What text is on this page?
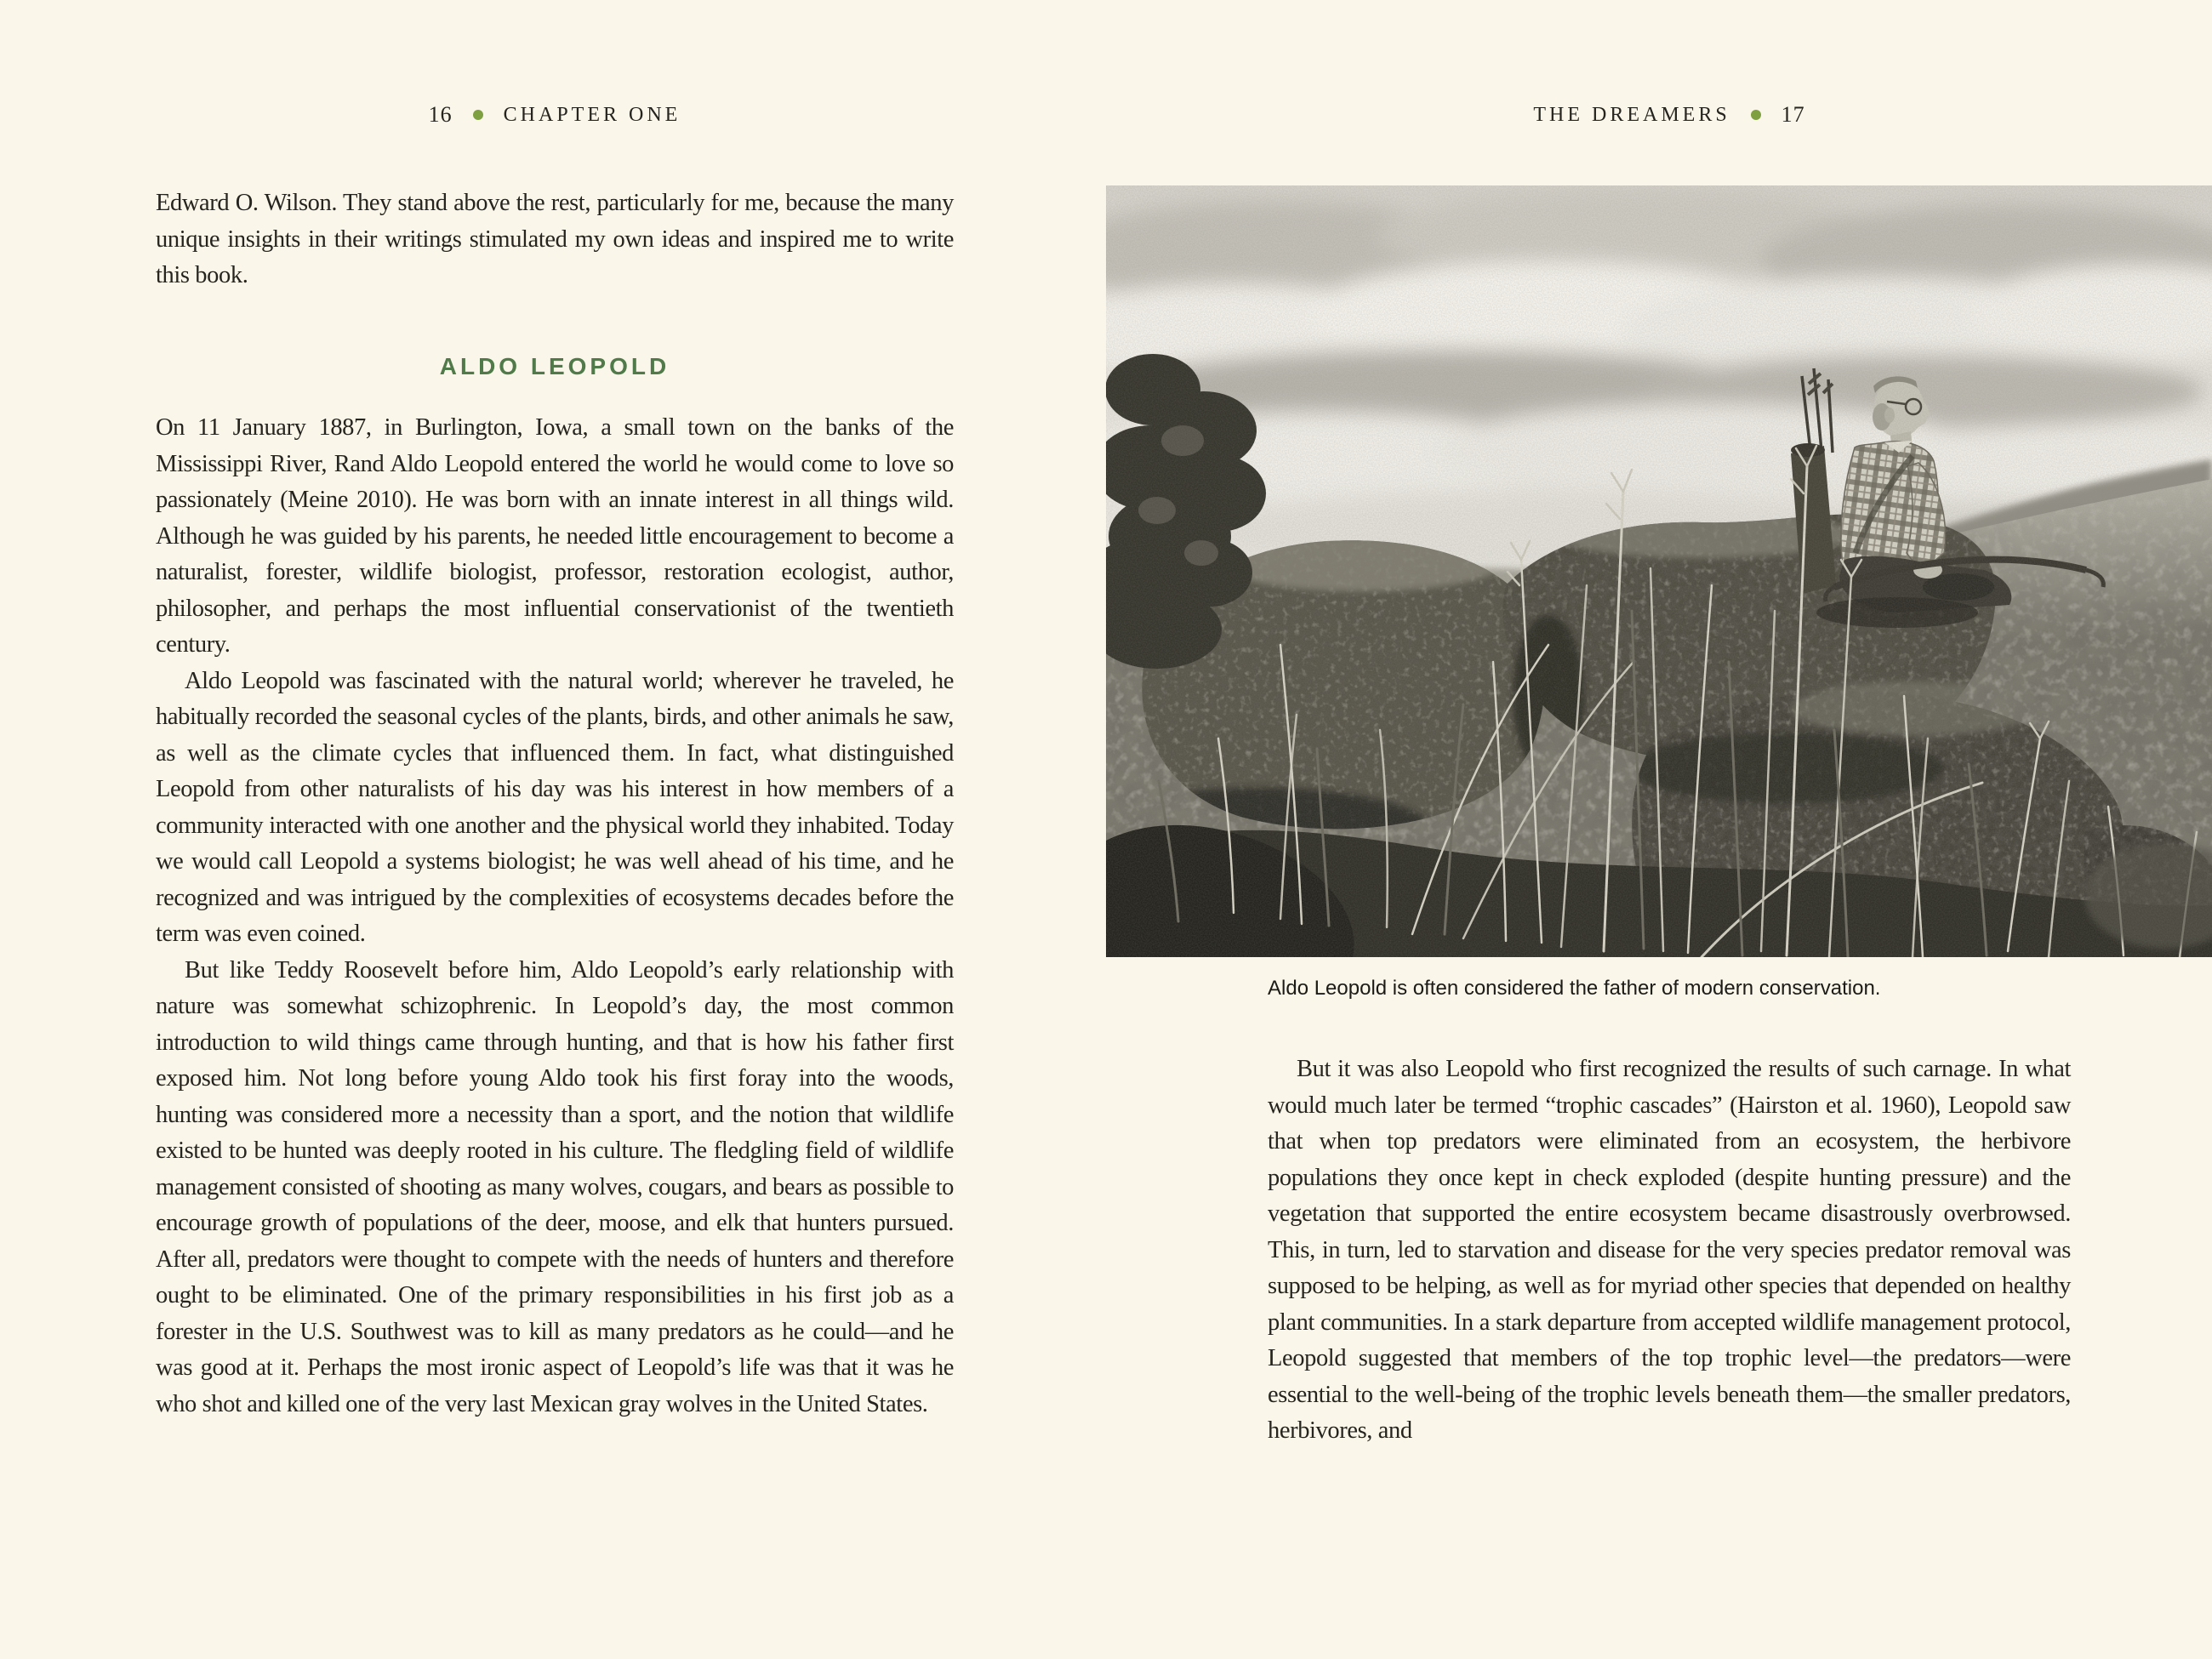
16	CHAPTER ONE

Edward O. Wilson. They stand above the rest, particularly for me, because the many unique insights in their writings stimulated my own ideas and inspired me to write this book.

ALDO LEOPOLD

On 11 January 1887, in Burlington, Iowa, a small town on the banks of the Mississippi River, Rand Aldo Leopold entered the world he would come to love so passionately (Meine 2010). He was born with an innate interest in all things wild. Although he was guided by his parents, he needed little encouragement to become a naturalist, forester, wildlife biologist, professor, restoration ecologist, author, philosopher, and perhaps the most influential conservationist of the twentieth century.

Aldo Leopold was fascinated with the natural world; wherever he traveled, he habitually recorded the seasonal cycles of the plants, birds, and other animals he saw, as well as the climate cycles that influenced them. In fact, what distinguished Leopold from other naturalists of his day was his interest in how members of a community interacted with one another and the physical world they inhabited. Today we would call Leopold a systems biologist; he was well ahead of his time, and he recognized and was intrigued by the complexities of ecosystems decades before the term was even coined.

But like Teddy Roosevelt before him, Aldo Leopold’s early relationship with nature was somewhat schizophrenic. In Leopold’s day, the most common introduction to wild things came through hunting, and that is how his father first exposed him. Not long before young Aldo took his first foray into the woods, hunting was considered more a necessity than a sport, and the notion that wildlife existed to be hunted was deeply rooted in his culture. The fledgling field of wildlife management consisted of shooting as many wolves, cougars, and bears as possible to encourage growth of populations of the deer, moose, and elk that hunters pursued. After all, predators were thought to compete with the needs of hunters and therefore ought to be eliminated. One of the primary responsibilities in his first job as a forester in the U.S. Southwest was to kill as many predators as he could—and he was good at it. Perhaps the most ironic aspect of Leopold’s life was that it was he who shot and killed one of the very last Mexican gray wolves in the United States.

THE DREAMERS 17
Aldo Leopold is often considered the father of modern conservation.

But it was also Leopold who first recognized the results of such carnage. In what would much later be termed “trophic cascades” (Hairston et al. 1960), Leopold saw that when top predators were eliminated from an ecosystem, the herbivore populations they once kept in check exploded (despite hunting pressure) and the vegetation that supported the entire ecosystem became disastrously overbrowsed. This, in turn, led to starvation and disease for the very species predator removal was supposed to be helping, as well as for myriad other species that depended on healthy plant communities. In a stark departure from accepted wildlife management protocol, Leopold suggested that members of the top trophic level—the predators—were essential to the well-being of the trophic levels beneath them—the smaller predators, herbivores, and
